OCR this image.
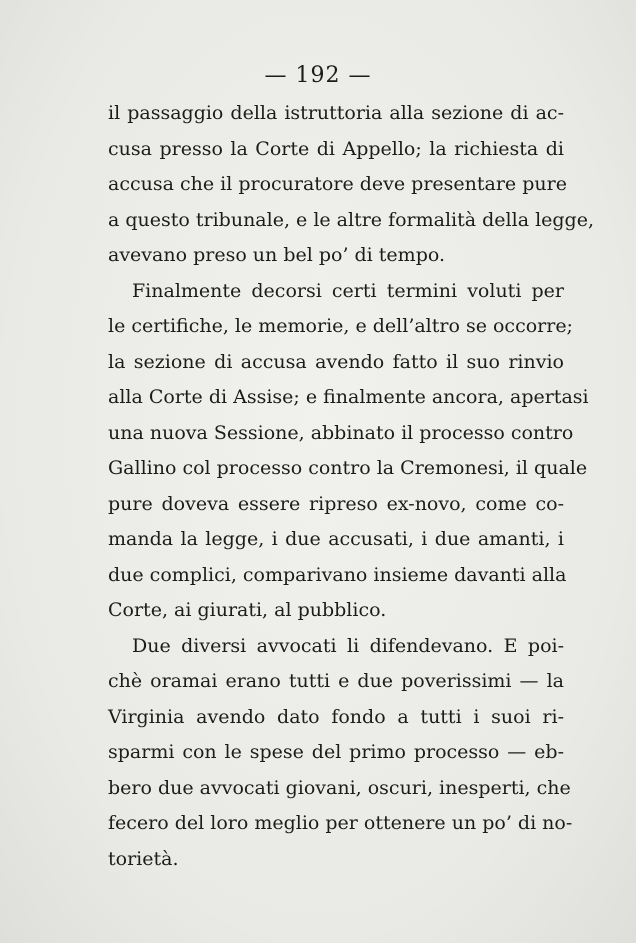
— 192 —
il passaggio della istruttoria alla sezione di ac-
cusa presso la Corte di Appello; la richiesta di
accusa che il procuratore deve presentare pure
a questo tribunale, e le altre formalità della legge,
avevano preso un bel po’ di tempo.
Finalmente decorsi certi termini voluti per
le certifiche, le memorie, e dell’altro se occorre;
la sezione di accusa avendo fatto il suo rinvio
alla Corte di Assise; e finalmente ancora, apertasi
una nuova Sessione, abbinato il processo contro
Gallino col processo contro la Cremonesi, il quale
pure doveva essere ripreso ex-novo, come co-
manda la legge, i due accusati, i due amanti, i
due complici, comparivano insieme davanti alla
Corte, ai giurati, al pubblico.
Due diversi avvocati li difendevano. E poi-
chè oramai erano tutti e due poverissimi — la
Virginia avendo dato fondo a tutti i suoi ri-
sparmi con le spese del primo processo — eb-
bero due avvocati giovani, oscuri, inesperti, che
fecero del loro meglio per ottenere un po’ di no-
torietà.
